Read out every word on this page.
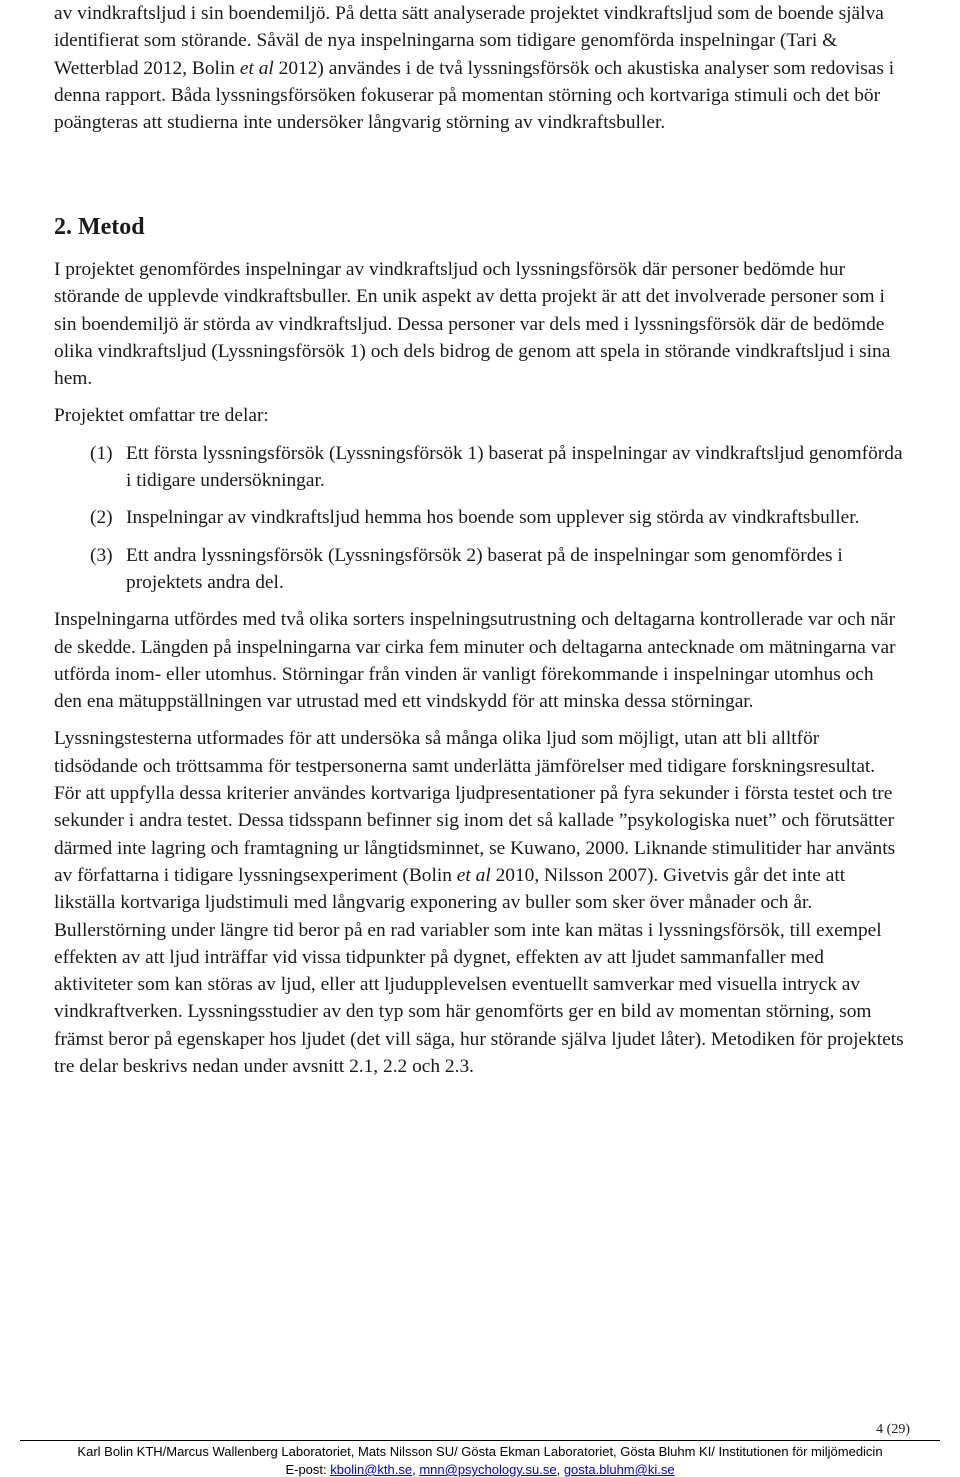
av vindkraftsljud i sin boendemiljö. På detta sätt analyserade projektet vindkraftsljud som de boende själva identifierat som störande. Såväl de nya inspelningarna som tidigare genomförda inspelningar (Tari & Wetterblad 2012, Bolin et al 2012) användes i de två lyssningsförsök och akustiska analyser som redovisas i denna rapport. Båda lyssningsförsöken fokuserar på momentan störning och kortvariga stimuli och det bör poängteras att studierna inte undersöker långvarig störning av vindkraftsbuller.

2. Metod

I projektet genomfördes inspelningar av vindkraftsljud och lyssningsförsök där personer bedömde hur störande de upplevde vindkraftsbuller. En unik aspekt av detta projekt är att det involverade personer som i sin boendemiljö är störda av vindkraftsljud. Dessa personer var dels med i lyssningsförsök där de bedömde olika vindkraftsljud (Lyssningsförsök 1) och dels bidrog de genom att spela in störande vindkraftsljud i sina hem.

Projektet omfattar tre delar:

(1) Ett första lyssningsförsök (Lyssningsförsök 1) baserat på inspelningar av vindkraftsljud genomförda i tidigare undersökningar.
(2) Inspelningar av vindkraftsljud hemma hos boende som upplever sig störda av vindkraftsbuller.
(3) Ett andra lyssningsförsök (Lyssningsförsök 2) baserat på de inspelningar som genomfördes i projektets andra del.

Inspelningarna utfördes med två olika sorters inspelningsutrustning och deltagarna kontrollerade var och när de skedde. Längden på inspelningarna var cirka fem minuter och deltagarna antecknade om mätningarna var utförda inom- eller utomhus. Störningar från vinden är vanligt förekommande i inspelningar utomhus och den ena mätuppställningen var utrustad med ett vindskydd för att minska dessa störningar.

Lyssningstesterna utformades för att undersöka så många olika ljud som möjligt, utan att bli alltför tidsödande och tröttsamma för testpersonerna samt underlätta jämförelser med tidigare forskningsresultat. För att uppfylla dessa kriterier användes kortvariga ljudpresentationer på fyra sekunder i första testet och tre sekunder i andra testet. Dessa tidsspann befinner sig inom det så kallade ”psykologiska nuet” och förutsätter därmed inte lagring och framtagning ur långtidsminnet, se Kuwano, 2000. Liknande stimulitider har använts av författarna i tidigare lyssningsexperiment (Bolin et al 2010, Nilsson 2007). Givetvis går det inte att likställa kortvariga ljudstimuli med långvarig exponering av buller som sker över månader och år. Bullerstörning under längre tid beror på en rad variabler som inte kan mätas i lyssningsförsök, till exempel effekten av att ljud inträffar vid vissa tidpunkter på dygnet, effekten av att ljudet sammanfaller med aktiviteter som kan störas av ljud, eller att ljudupplevelsen eventuellt samverkar med visuella intryck av vindkraftverken. Lyssningsstudier av den typ som här genomförts ger en bild av momentan störning, som främst beror på egenskaper hos ljudet (det vill säga, hur störande själva ljudet låter). Metodiken för projektets tre delar beskrivs nedan under avsnitt 2.1, 2.2 och 2.3.

4 (29)
Karl Bolin KTH/Marcus Wallenberg Laboratoriet, Mats Nilsson SU/ Gösta Ekman Laboratoriet, Gösta Bluhm KI/ Institutionen för miljömedicin
E-post: kbolin@kth.se, mnn@psychology.su.se, gosta.bluhm@ki.se
